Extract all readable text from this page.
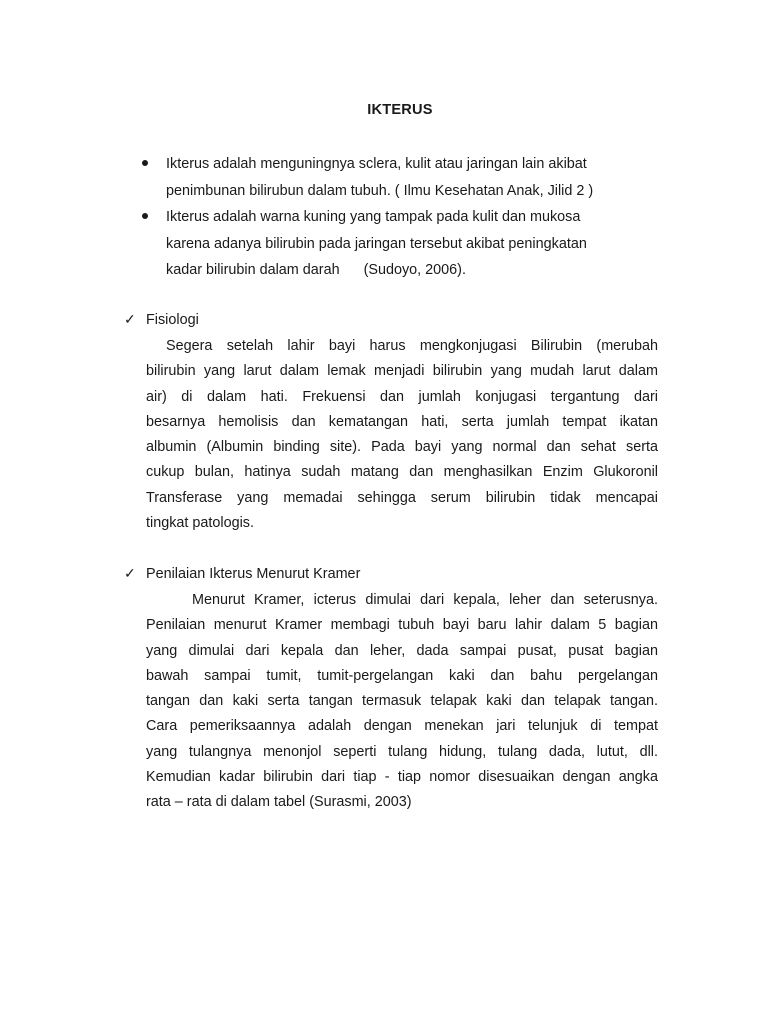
IKTERUS
Ikterus adalah menguningnya sclera, kulit atau jaringan lain akibat
penimbunan bilirubun dalam tubuh. ( Ilmu Kesehatan Anak, Jilid 2 )
Ikterus adalah warna kuning yang tampak pada kulit dan mukosa
karena adanya bilirubin pada jaringan tersebut akibat peningkatan
kadar bilirubin dalam darah      (Sudoyo, 2006).
✓ Fisiologi
Segera setelah lahir bayi harus mengkonjugasi Bilirubin (merubah
bilirubin yang larut dalam lemak menjadi bilirubin yang mudah larut dalam
air) di dalam hati. Frekuensi dan jumlah konjugasi tergantung dari
besarnya hemolisis dan kematangan hati, serta jumlah tempat ikatan
albumin (Albumin binding site). Pada bayi yang normal dan sehat serta
cukup bulan, hatinya sudah matang dan menghasilkan Enzim Glukoronil
Transferase yang memadai sehingga serum bilirubin tidak mencapai
tingkat patologis.
✓ Penilaian Ikterus Menurut Kramer
Menurut Kramer, icterus dimulai dari kepala, leher dan seterusnya.
Penilaian menurut Kramer membagi tubuh bayi baru lahir dalam 5 bagian
yang dimulai dari kepala dan leher, dada sampai pusat, pusat bagian
bawah sampai tumit, tumit-pergelangan kaki dan bahu pergelangan
tangan dan kaki serta tangan termasuk telapak kaki dan telapak tangan.
Cara pemeriksaannya adalah dengan menekan jari telunjuk di tempat
yang tulangnya menonjol seperti tulang hidung, tulang dada, lutut, dll.
Kemudian kadar bilirubin dari tiap - tiap nomor disesuaikan dengan angka
rata – rata di dalam tabel (Surasmi, 2003)
